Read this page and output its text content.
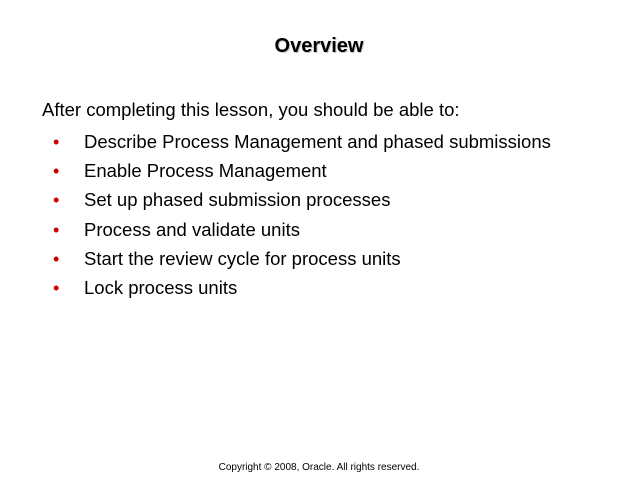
Overview
After completing this lesson, you should be able to:
• Describe Process Management and phased submissions
• Enable Process Management
• Set up phased submission processes
• Process and validate units
• Start the review cycle for process units
• Lock process units
Copyright © 2008, Oracle. All rights reserved.
